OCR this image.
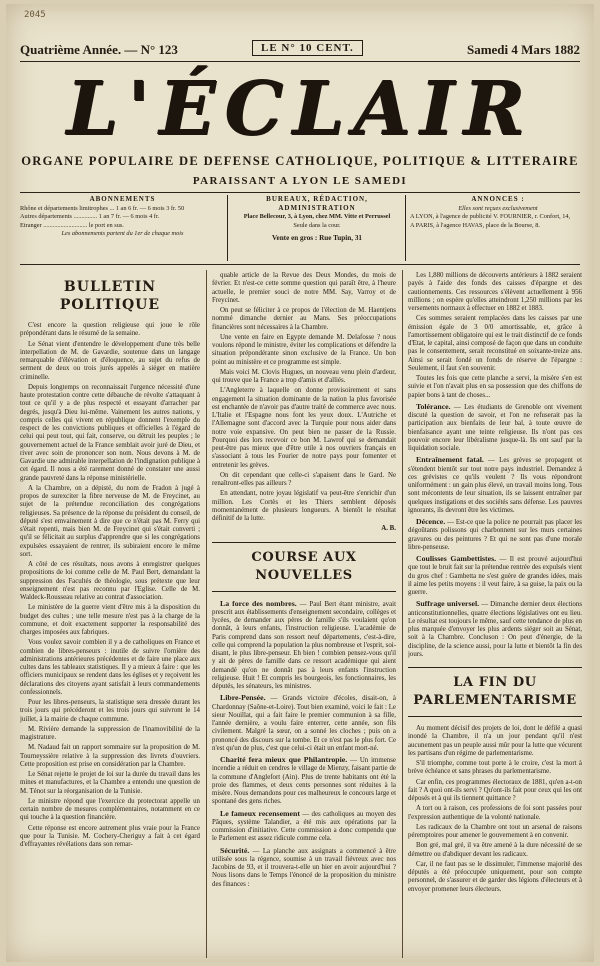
2045
Quatrième Année. — N° 123	LE N° 10 CENT.	Samedi 4 Mars 1882
L'ÉCLAIR
ORGANE POPULAIRE DE DEFENSE CATHOLIQUE, POLITIQUE & LITTERAIRE
PARAISSANT A LYON LE SAMEDI
ABONNEMENTS
Rhône et départements limitrophes ... 1 an 6 fr. — 6 mois 3 fr. 50
Autres départements ............... 1 an 7 fr. — 6 mois 4 fr.
Etranger ............................ le port en sus.
Les abonnements partent du 1er de chaque mois
BUREAUX, RÉDACTION, ADMINISTRATION
Place Bellecour, 3, à Lyon, chez MM. Vitte et Perrussel
Seule dans la cour.
Vente en gros : Rue Tupin, 31
ANNONCES :
Elles sont reçues exclusivement
A LYON, à l'agence de publicité V. FOURNIER, r. Confort, 14,
A PARIS, à l'agence HAVAS, place de la Bourse, 8.
BULLETIN POLITIQUE

C'est encore la question religieuse qui joue le rôle prépondérant dans le résumé de la semaine.

Le Sénat vient d'entendre le développement d'une très belle interpellation de M. de Gavardie, soutenue dans un langage remarquable d'élévation et d'éloquence, au sujet du refus de serment de deux ou trois jurés appelés à siéger en matière criminelle.

Depuis longtemps on reconnaissait l'urgence nécessité d'une haute protestation contre cette débauche de révolte s'attaquant à tout ce qu'il y a de plus respecté et essayant d'arracher par degrés, jusqu'à Dieu lui-même. Vainement les autres nations, y compris celles qui vivent en république donnent l'exemple du respect de les convictions publiques et officielles à l'égard de celui qui peut tout, qui fait, conserve, ou détruit les peuples ; le gouvernement actuel de la France semblait avoir juré de Dieu, et river avec soin de prononcer son nom. Nous devons à M. de Gavardie une admirable interpellation de l'indignation publique à cet égard. Il nous a été rarement donné de constater une aussi grande pauvreté dans la réponse ministérielle.

A la Chambre, on a dépisté, du nom de Fradon à jugé à propos de surexciter la fibre nerveuse de M. de Freycinet, au sujet de la prétendue reconciliation des congrégations religieuses. Sa présence de la réponse du président du conseil, de député s'est emvainement à dire que ce n'était pas M. Ferry qui s'était repenti, mais bien M. de Freycinet qui s'était converti ; qu'il se félicitait au surplus d'apprendre que si les congrégations expulsées essayaient de rentrer, ils subiraient encore le même sort.

A côté de ces résultats, nous avons à enregistrer quelques propositions de loi comme celle de M. Paul Bert, demandant la suppression des Facultés de théologie, sous prétexte que leur enseignement n'est pas reconnu par l'Eglise. Celle de M. Waldeck-Rousseau relative au contrat d'association.

Le ministère de la guerre vient d'être mis à la disposition du budget des cultes ; une telle mesure n'est pas à la charge de la commune, et doit exactement supporter la responsabilité des charges imposées aux fabriques.

Vous voulez savoir combien il y a de catholiques en France et combien de libres-penseurs : inutile de suivre l'ornière des administrations antérieures précédentes et de faire une place aux cultes dans les tableaux statistiques. Il y a mieux à faire : que les officiers municipaux se rendent dans les églises et y reçoivent les déclarations des citoyens ayant satisfait à leurs commandements confessionnels.

Pour les libres-penseurs, la statistique sera dressée durant les trois jours qui précéderont et les trois jours qui suivront le 14 juillet, à la mairie de chaque commune.

M. Rivière demande la suppression de l'inamovibilité de la magistrature.

M. Nadaud fait un rapport sommaire sur la proposition de M. Tourneyssière relative à la suppression des livrets d'ouvriers. Cette proposition est prise en considération par la Chambre.

Le Sénat rejette le projet de loi sur la durée du travail dans les mines et manufactures, et la Chambre a entendu une question de M. Ténot sur la réorganisation de la Tunisie.

Le ministre répond que l'exercice du protectorat appelle un certain nombre de mesures complémentaires, notamment en ce qui touche à la question financière.

Cette réponse est encore autrement plus vraie pour la France que pour la Tunisie. M. Cochery-Cheriguy a fait à cet égard d'effrayantes révélations dans son remar-

quable article de la Revue des Deux Mondes, du mois de février. Et n'est-ce cette somme question qui paraît être, à l'heure actuelle, le premier souci de notre MM. Say, Varroy et de Freycinet.

On peut se féliciter à ce propos de l'élection de M. Haentjens nommé dimanche dernier au Mans. Ses préoccupations financières sont nécessaires à la Chambre.

Une vente en faire en Egypte demande M. Delafosse ? nous voulons répond le ministre, éviter les complications et défendre la situation prépondérante sinon exclusive de la France. Un bon point au ministère et ce programme est simple.

Mais voici M. Clovis Hugues, un nouveau venu plein d'ardeur, qui trouve que la France a trop d'amis et d'alliés.

L'Angleterre à laquelle on donne provisoirement et sans engagement la situation dominante de la nation la plus favorisée est enchantée de n'avoir pas d'autre traité de commerce avec nous. L'Italie et l'Espagne nous font les yeux doux. L'Autriche et l'Allemagne sont d'accord avec la Turquie pour nous aider dans notre voie expansive. On peut bien ne passer de la Russie. Pourquoi des lors recevoir ce bon M. Lawrof qui se demandait peut-être pas mieux que d'être utile à nos ouvriers français en s'associant à tous les Fourier de notre pays pour fomenter et entretenir les grèves.

On dit cependant que celle-ci s'apaisent dans le Gard. Ne renaîtront-elles pas ailleurs ?

En attendant, notre joyau législatif va peut-être s'enrichir d'un million. Les Cortès et les Thiers semblent déposés momentanément de plusieurs longueurs. A bientôt le résultat définitif de la lutte.

A. B.
COURSE AUX NOUVELLES

La force des nombres. — Paul Bert étant ministre, avait prescrit aux établissements d'enseignement secondaire, collèges et lycées, de demander aux pères de famille s'ils voulaient qu'on donnât, à leurs enfants, l'instruction religieuse. L'académie de Paris comprend dans son ressort neuf départements, c'est-à-dire, celle qui comprend la population la plus nombreuse et l'esprit, soi-disant, le plus libre-penseur. Eh bien ! combien pensez-vous qu'il y ait de pères de famille dans ce ressort académique qui aient demandé qu'on ne donnât pas à leurs enfants l'instruction religieuse. Huit ! Et compris les bourgeois, les fonctionnaires, les députés, les sénateurs, les ministres.

Libre-Pensée. — Grands victoire d'écoles, disait-on, à Chardonnay (Saône-et-Loire). Tout bien examiné, voici le fait : Le sieur Nouillat, qui a fait faire le premier communion à sa fille, l'année dernière, a voulu faire enterrer, cette année, son fils civilement. Malgré la sœur, on a sonné les cloches ; puis on a prononcé des discours sur la tombe. Et ce n'est pas le plus fort. Ce n'est qu'un de plus, c'est que celui-ci était un enfant mort-né.

Charité fera mieux que Philantropie. — Un immense incendie a réduit en cendres le village de Mienzy, faisant partie de la commune d'Anglefort (Ain). Plus de trente habitants ont été la proie des flammes, et deux cents personnes sont réduites à la misère. Nous demandons pour ces malheureux le concours large et spontané des gens riches.

Le fameux recensement — des catholiques au moyen des Pâques, système Talandier, a été mis aux opérations par la commission d'initiative. Cette commission a donc compendu que le Parlement est assez ridicule comme cela.

Sécurité. — La planche aux assignats a commencé à être utilisée sous la régence, soumise à un travail fiévreux avec nos Jacobins de 93, et il trouvera-t-elle un hier en avoir aujourd'hui ? Nous lisons dans le Temps l'énoncé de la proposition du ministre des finances :

Les 1,880 millions de découverts antérieurs à 1882 seraient payés à l'aide des fonds des caisses d'épargne et des cautionnements. Ces ressources s'élèvent actuellement à 956 millions ; on espère qu'elles atteindront 1,250 millions par les versements normaux à effectuer en 1882 et 1883.

Ces sommes seraient remplacées dans les caisses par une émission égale de 3 0/0 amortissable, et, grâce à l'amortissement obligatoire qui est le trait distinctif de ce fonds d'Etat, le capital, ainsi composé de façon que dans un conduite pas le consentement, serait reconstitué en soixante-treize ans. Ainsi se serait fondé un fonds de réserve de l'épargne : Seulement, il faut s'en souvenir.

Toutes les fois que cette planche a servi, la misère s'en est suivie et l'on n'avait plus en sa possession que des chiffons de papier bons à tant de choses...

Tolérance. — Les étudiants de Grenoble ont vivement discuté la question de savoir, et l'on ne refuserait pas la participation aux bienfaits de leur bal, à toute œuvre de bienfaisance ayant une teinte religieuse. Ils n'ont pas ces pouvoir encore leur libéralisme jusque-là. Ils ont sauf par la liquidation sociale.

Entraînement fatal. — Les grèves se propagent et s'étendent bientôt sur tout notre pays industriel. Demandez à ces grévistes ce qu'ils veulent ? Ils vous répondront uniformément : un gain plus élevé, un travail moins long. Tous sont mécontents de leur situation, ils se laissent entraîner par quelques instigations et des sociétés sans défense. Les pauvres ignorants, ils devront être les victimes.

Décence. — Est-ce que la police ne pourrait pas placer les dégoûtants polissons qui charbonnent sur les murs certaines gravures ou des peintures ? Et qui ne sont pas d'une morale libre-penseuse.

Coulisses Gambettistes. — Il est prouvé aujourd'hui que tout le bruit fait sur la prétendue rentrée des expulsés vient du gros chef : Gambetta ne s'est guère de grandes idées, mais il aime les petits moyens : il veut faire, à sa guise, la paix ou la guerre.

Suffrage universel. — Dimanche dernier deux élections anticonstitutionnelles, quatre élections législatives ont eu lieu. Le résultat est toujours le même, sauf cette tendance de plus en plus marquée d'envoyer les plus ardents siéger soit au Sénat, soit à la Chambre. Concluson : On peut d'énergie, de la discipline, de la science aussi, pour la lutte et bientôt la fin des jours.

LA FIN DU PARLEMENTARISME

Au moment décisif des projets de loi, dont le défilé a quasi inondé la Chambre, il n'a un jour pendant qu'il n'est aucunement pas un peuple aussi mûr pour la lutte que vécurent les partisans d'un régime de parlementarisme.

S'il triomphe, comme tout porte à le croire, c'est la mort à brève échéance et sans phrases du parlementarisme.

Car enfin, ces programmes électoraux de 1881, qu'en a-t-on fait ? A quoi ont-ils servi ? Qu'ont-ils fait pour ceux qui les ont déposés et à qui ils tiennent quittance ?

A tort ou à raison, ces professions de foi sont passées pour l'expression authentique de la volonté nationale.

Les radicaux de la Chambre ont tout un arsenal de raisons péremptoires pour amener le gouvernement à en convenir.

Bon gré, mal gré, il va être amené à la dure nécessité de se démettre ou d'abdiquer devant les radicaux.

Car, il ne faut pas se le dissimuler, l'immense majorité des députés a été préoccupée uniquement, pour son compte personnel, de s'assurer et de garder des légions d'électeurs et à envoyer promener leurs électeurs.
